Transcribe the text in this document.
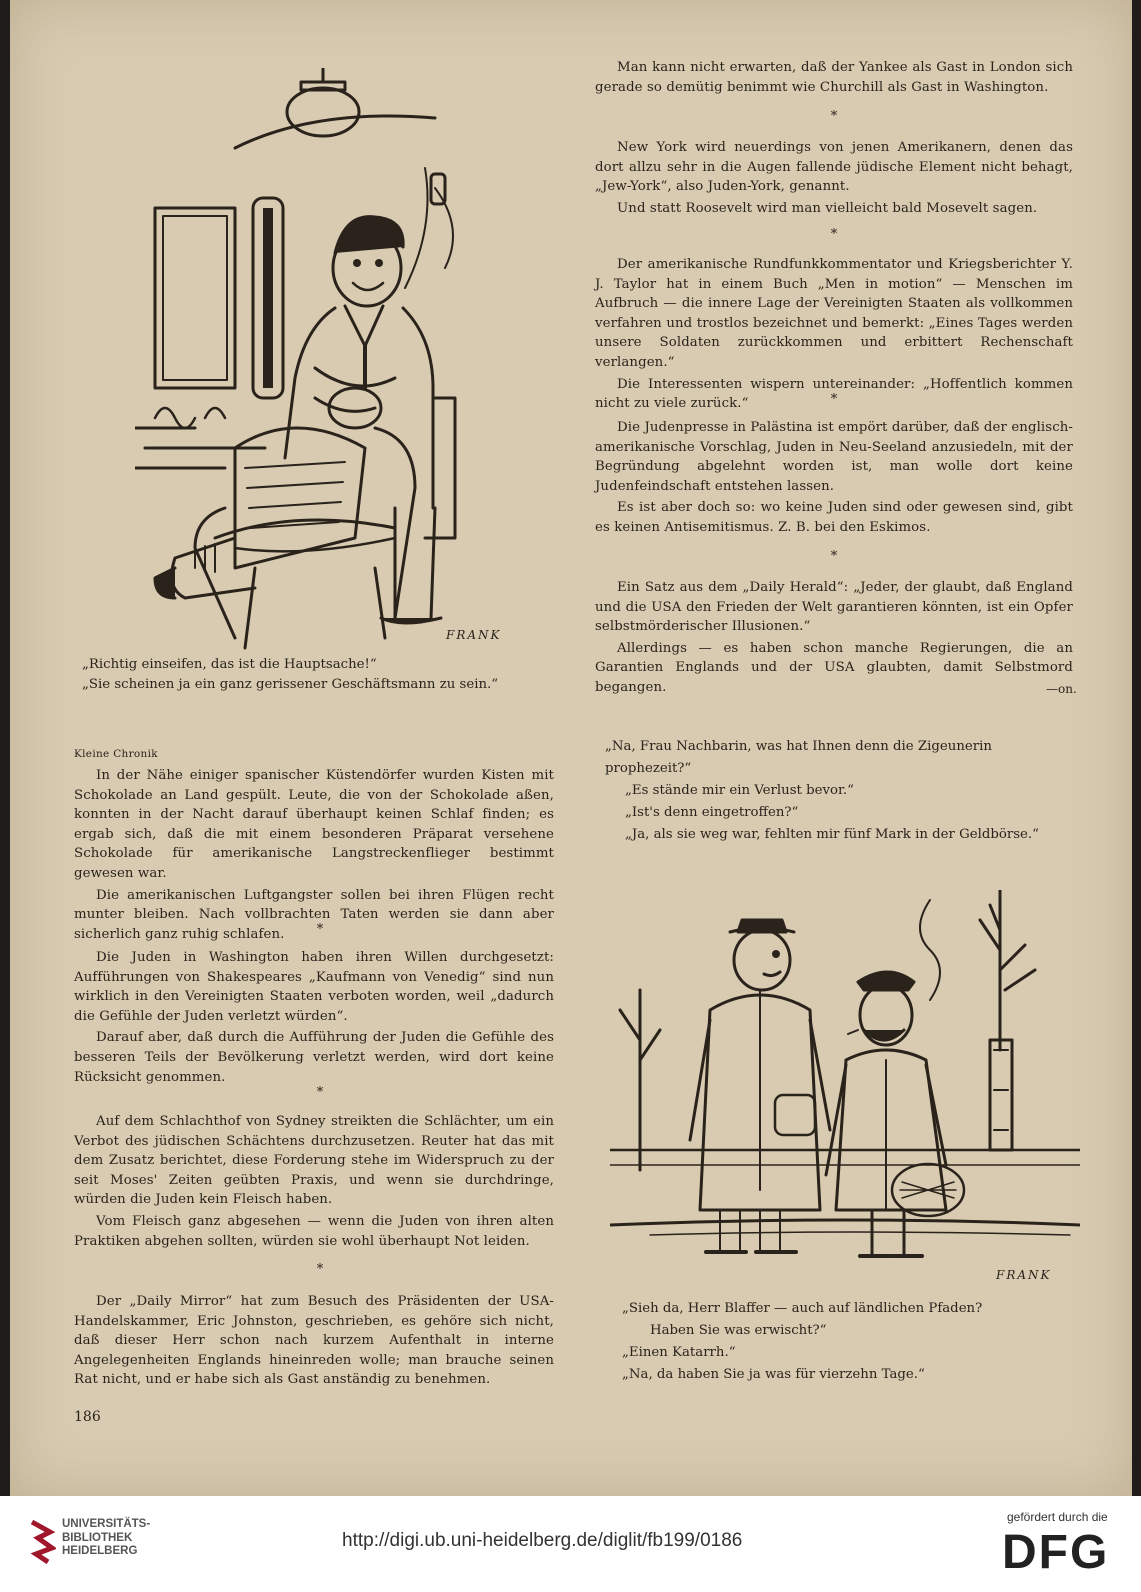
FRANK

„Richtig einseifen, das ist die Hauptsache!“

„Sie scheinen ja ein ganz gerissener Geschäftsmann zu sein.“

Man kann nicht erwarten, daß der Yankee als Gast in London sich gerade so demütig benimmt wie Churchill als Gast in Washington.

*

New York wird neuerdings von jenen Amerikanern, denen das dort allzu sehr in die Augen fallende jüdische Element nicht behagt, „Jew-York“, also Juden-York, genannt.

Und statt Roosevelt wird man vielleicht bald Mosevelt sagen.

*

Der amerikanische Rundfunkkommentator und Kriegsberichter Y. J. Taylor hat in einem Buch „Men in motion“ — Menschen im Aufbruch — die innere Lage der Vereinigten Staaten als vollkommen verfahren und trostlos bezeichnet und bemerkt: „Eines Tages werden unsere Soldaten zurückkommen und erbittert Rechenschaft verlangen.“

Die Interessenten wispern untereinander: „Hoffentlich kommen nicht zu viele zurück.“	*

Die Judenpresse in Palästina ist empört darüber, daß der englisch-amerikanische Vorschlag, Juden in Neu-Seeland anzusiedeln, mit der Begründung abgelehnt worden ist, man wolle dort keine Judenfeindschaft entstehen lassen.

Es ist aber doch so: wo keine Juden sind oder gewesen sind, gibt es keinen Antisemitismus. Z. B. bei den Eskimos.

*

Ein Satz aus dem „Daily Herald“: „Jeder, der glaubt, daß England und die USA den Frieden der Welt garantieren könnten, ist ein Opfer selbstmörderischer Illusionen.“

Allerdings — es haben schon manche Regierungen, die an Garantien Englands und der USA glaubten, damit Selbstmord begangen.	—on.
Kleine Chronik

In der Nähe einiger spanischer Küstendörfer wurden Kisten mit Schokolade an Land gespült. Leute, die von der Schokolade aßen, konnten in der Nacht darauf überhaupt keinen Schlaf finden; es ergab sich, daß die mit einem besonderen Präparat versehene Schokolade für amerikanische Langstreckenflieger bestimmt gewesen war.

Die amerikanischen Luftgangster sollen bei ihren Flügen recht munter bleiben. Nach vollbrachten Taten werden sie dann aber sicherlich ganz ruhig schlafen.	*

Die Juden in Washington haben ihren Willen durchgesetzt: Aufführungen von Shakespeares „Kaufmann von Venedig“ sind nun wirklich in den Vereinigten Staaten verboten worden, weil „dadurch die Gefühle der Juden verletzt würden“.

Darauf aber, daß durch die Aufführung der Juden die Gefühle des besseren Teils der Bevölkerung verletzt werden, wird dort keine Rücksicht genommen.

*

Auf dem Schlachthof von Sydney streikten die Schlächter, um ein Verbot des jüdischen Schächtens durchzusetzen. Reuter hat das mit dem Zusatz berichtet, diese Forderung stehe im Widerspruch zu der seit Moses' Zeiten geübten Praxis, und wenn sie durchdringe, würden die Juden kein Fleisch haben.

Vom Fleisch ganz abgesehen — wenn die Juden von ihren alten Praktiken abgehen sollten, würden sie wohl überhaupt Not leiden.

*

Der „Daily Mirror“ hat zum Besuch des Präsidenten der USA-Handelskammer, Eric Johnston, geschrieben, es gehöre sich nicht, daß dieser Herr schon nach kurzem Aufenthalt in interne Angelegenheiten Englands hineinreden wolle; man brauche seinen Rat nicht, und er habe sich als Gast anständig zu benehmen.

186

„Na, Frau Nachbarin, was hat Ihnen denn die Zigeunerin prophezeit?“

„Es stände mir ein Verlust bevor.“

„Ist's denn eingetroffen?“

„Ja, als sie weg war, fehlten mir fünf Mark in der Geldbörse.“

FRANK

„Sieh da, Herr Blaffer — auch auf ländlichen Pfaden?

Haben Sie was erwischt?“

„Einen Katarrh.“

„Na, da haben Sie ja was für vierzehn Tage.“

UNIVERSITÄTS-
BIBLIOTHEK
HEIDELBERG	http://digi.ub.uni-heidelberg.de/diglit/fb199/0186
gefördert durch die
DFG
